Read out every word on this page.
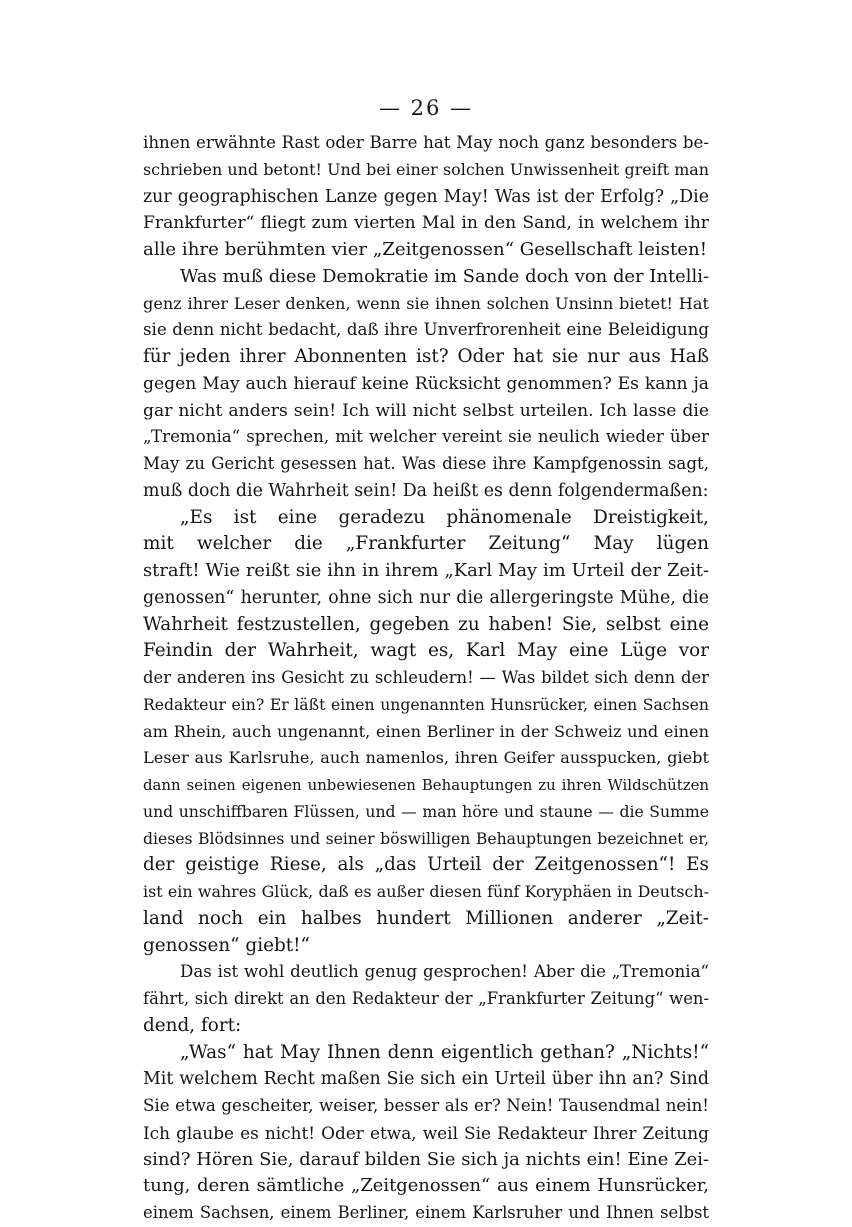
— 26 —
ihnen erwähnte Rast oder Barre hat May noch ganz besonders be-
schrieben und betont! Und bei einer solchen Unwissenheit greift man
zur geographischen Lanze gegen May! Was ist der Erfolg? „Die
Frankfurter“ fliegt zum vierten Mal in den Sand, in welchem ihr
alle ihre berühmten vier „Zeitgenossen“ Gesellschaft leisten!
Was muß diese Demokratie im Sande doch von der Intelli-
genz ihrer Leser denken, wenn sie ihnen solchen Unsinn bietet! Hat
sie denn nicht bedacht, daß ihre Unverfrorenheit eine Beleidigung
für jeden ihrer Abonnenten ist? Oder hat sie nur aus Haß
gegen May auch hierauf keine Rücksicht genommen? Es kann ja
gar nicht anders sein! Ich will nicht selbst urteilen. Ich lasse die
„Tremonia“ sprechen, mit welcher vereint sie neulich wieder über
May zu Gericht gesessen hat. Was diese ihre Kampfgenossin sagt,
muß doch die Wahrheit sein! Da heißt es denn folgendermaßen:
„Es ist eine geradezu phänomenale Dreistigkeit,
mit welcher die „Frankfurter Zeitung“ May lügen
straft! Wie reißt sie ihn in ihrem „Karl May im Urteil der Zeit-
genossen“ herunter, ohne sich nur die allergeringste Mühe, die
Wahrheit festzustellen, gegeben zu haben! Sie, selbst eine
Feindin der Wahrheit, wagt es, Karl May eine Lüge vor
der anderen ins Gesicht zu schleudern! — Was bildet sich denn der
Redakteur ein? Er läßt einen ungenannten Hunsrücker, einen Sachsen
am Rhein, auch ungenannt, einen Berliner in der Schweiz und einen
Leser aus Karlsruhe, auch namenlos, ihren Geifer ausspucken, giebt
dann seinen eigenen unbewiesenen Behauptungen zu ihren Wildschützen
und unschiffbaren Flüssen, und — man höre und staune — die Summe
dieses Blödsinnes und seiner böswilligen Behauptungen bezeichnet er,
der geistige Riese, als „das Urteil der Zeitgenossen“! Es
ist ein wahres Glück, daß es außer diesen fünf Koryphäen in Deutsch-
land noch ein halbes hundert Millionen anderer „Zeit-
genossen“ giebt!“
Das ist wohl deutlich genug gesprochen! Aber die „Tremonia“
fährt, sich direkt an den Redakteur der „Frankfurter Zeitung“ wen-
dend, fort:
„Was“ hat May Ihnen denn eigentlich gethan? „Nichts!“
Mit welchem Recht maßen Sie sich ein Urteil über ihn an? Sind
Sie etwa gescheiter, weiser, besser als er? Nein! Tausendmal nein!
Ich glaube es nicht! Oder etwa, weil Sie Redakteur Ihrer Zeitung
sind? Hören Sie, darauf bilden Sie sich ja nichts ein! Eine Zei-
tung, deren sämtliche „Zeitgenossen“ aus einem Hunsrücker,
einem Sachsen, einem Berliner, einem Karlsruher und Ihnen selbst
